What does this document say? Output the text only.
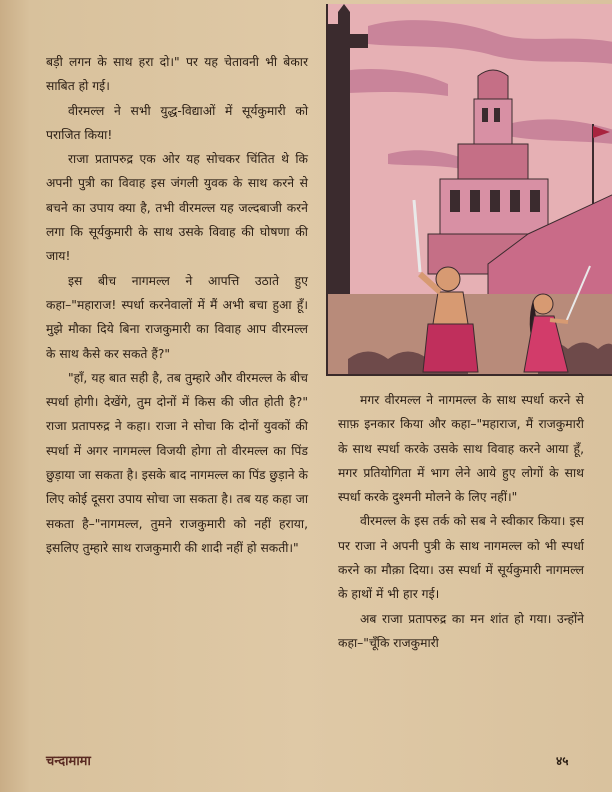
बड़ी लगन के साथ हरा दो।" पर यह चेतावनी भी बेकार साबित हो गई।

वीरमल्ल ने सभी युद्ध-विद्याओं में सूर्यकुमारी को पराजित किया!

राजा प्रतापरुद्र एक ओर यह सोचकर चिंतित थे कि अपनी पुत्री का विवाह इस जंगली युवक के साथ करने से बचने का उपाय क्या है, तभी वीरमल्ल यह जल्दबाजी करने लगा कि सूर्यकुमारी के साथ उसके विवाह की घोषणा की जाय!

इस बीच नागमल्ल ने आपत्ति उठाते हुए कहा–"महाराज! स्पर्धा करनेवालों में मैं अभी बचा हुआ हूँ। मुझे मौका दिये बिना राजकुमारी का विवाह आप वीरमल्ल के साथ कैसे कर सकते हैं?"

"हाँ, यह बात सही है, तब तुम्हारे और वीरमल्ल के बीच स्पर्धा होगी। देखेंगे, तुम दोनों में किस की जीत होती है?" राजा प्रतापरुद्र ने कहा। राजा ने सोचा कि दोनों युवकों की स्पर्धा में अगर नागमल्ल विजयी होगा तो वीरमल्ल का पिंड छुड़ाया जा सकता है। इसके बाद नागमल्ल का पिंड छुड़ाने के लिए कोई दूसरा उपाय सोचा जा सकता है। तब यह कहा जा सकता है–"नागमल्ल, तुमने राजकुमारी को नहीं हराया, इसलिए तुम्हारे साथ राजकुमारी की शादी नहीं हो सकती।"

मगर वीरमल्ल ने नागमल्ल के साथ स्पर्धा करने से साफ़ इनकार किया और कहा–"महाराज, मैं राजकुमारी के साथ स्पर्धा करके उसके साथ विवाह करने आया हूँ, मगर प्रतियोगिता में भाग लेने आये हुए लोगों के साथ स्पर्धा करके दुश्मनी मोलने के लिए नहीं।"

वीरमल्ल के इस तर्क को सब ने स्वीकार किया। इस पर राजा ने अपनी पुत्री के साथ नागमल्ल को भी स्पर्धा करने का मौक़ा दिया। उस स्पर्धा में सूर्यकुमारी नागमल्ल के हाथों में भी हार गई।

अब राजा प्रतापरुद्र का मन शांत हो गया। उन्होंने कहा–"चूँकि राजकुमारी

चन्दामामा	४५
